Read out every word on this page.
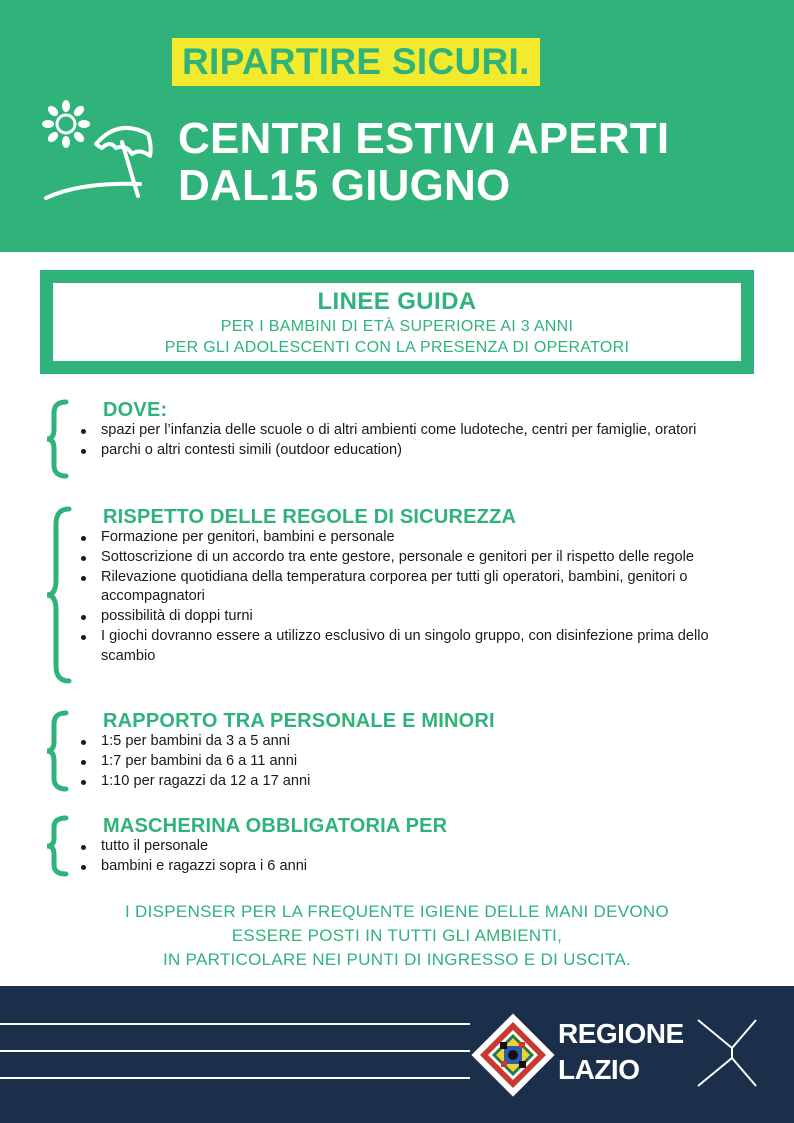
RIPARTIRE SICURI.
CENTRI ESTIVI APERTI
DAL15 GIUGNO
LINEE GUIDA
PER I BAMBINI DI ETÀ SUPERIORE AI 3 ANNI
PER GLI ADOLESCENTI CON LA PRESENZA DI OPERATORI
DOVE:
spazi per l’infanzia delle scuole o di altri ambienti come ludoteche, centri per famiglie, oratori
parchi o altri contesti simili (outdoor education)
RISPETTO DELLE REGOLE DI SICUREZZA
Formazione per genitori, bambini e personale
Sottoscrizione di un accordo tra ente gestore, personale e genitori per il rispetto delle regole
Rilevazione quotidiana della temperatura corporea per tutti gli operatori, bambini, genitori o accompagnatori
possibilità di doppi turni
I giochi dovranno essere a utilizzo esclusivo di un singolo gruppo, con disinfezione prima dello scambio
RAPPORTO TRA PERSONALE E MINORI
1:5 per bambini da 3 a 5 anni
1:7 per bambini da 6 a 11 anni
1:10 per ragazzi da 12 a 17 anni
MASCHERINA OBBLIGATORIA PER
tutto il personale
bambini e ragazzi sopra i 6 anni
I DISPENSER PER LA FREQUENTE IGIENE DELLE MANI DEVONO
ESSERE POSTI IN TUTTI GLI AMBIENTI,
IN PARTICOLARE NEI PUNTI DI INGRESSO E DI USCITA.
REGIONE
LAZIO
